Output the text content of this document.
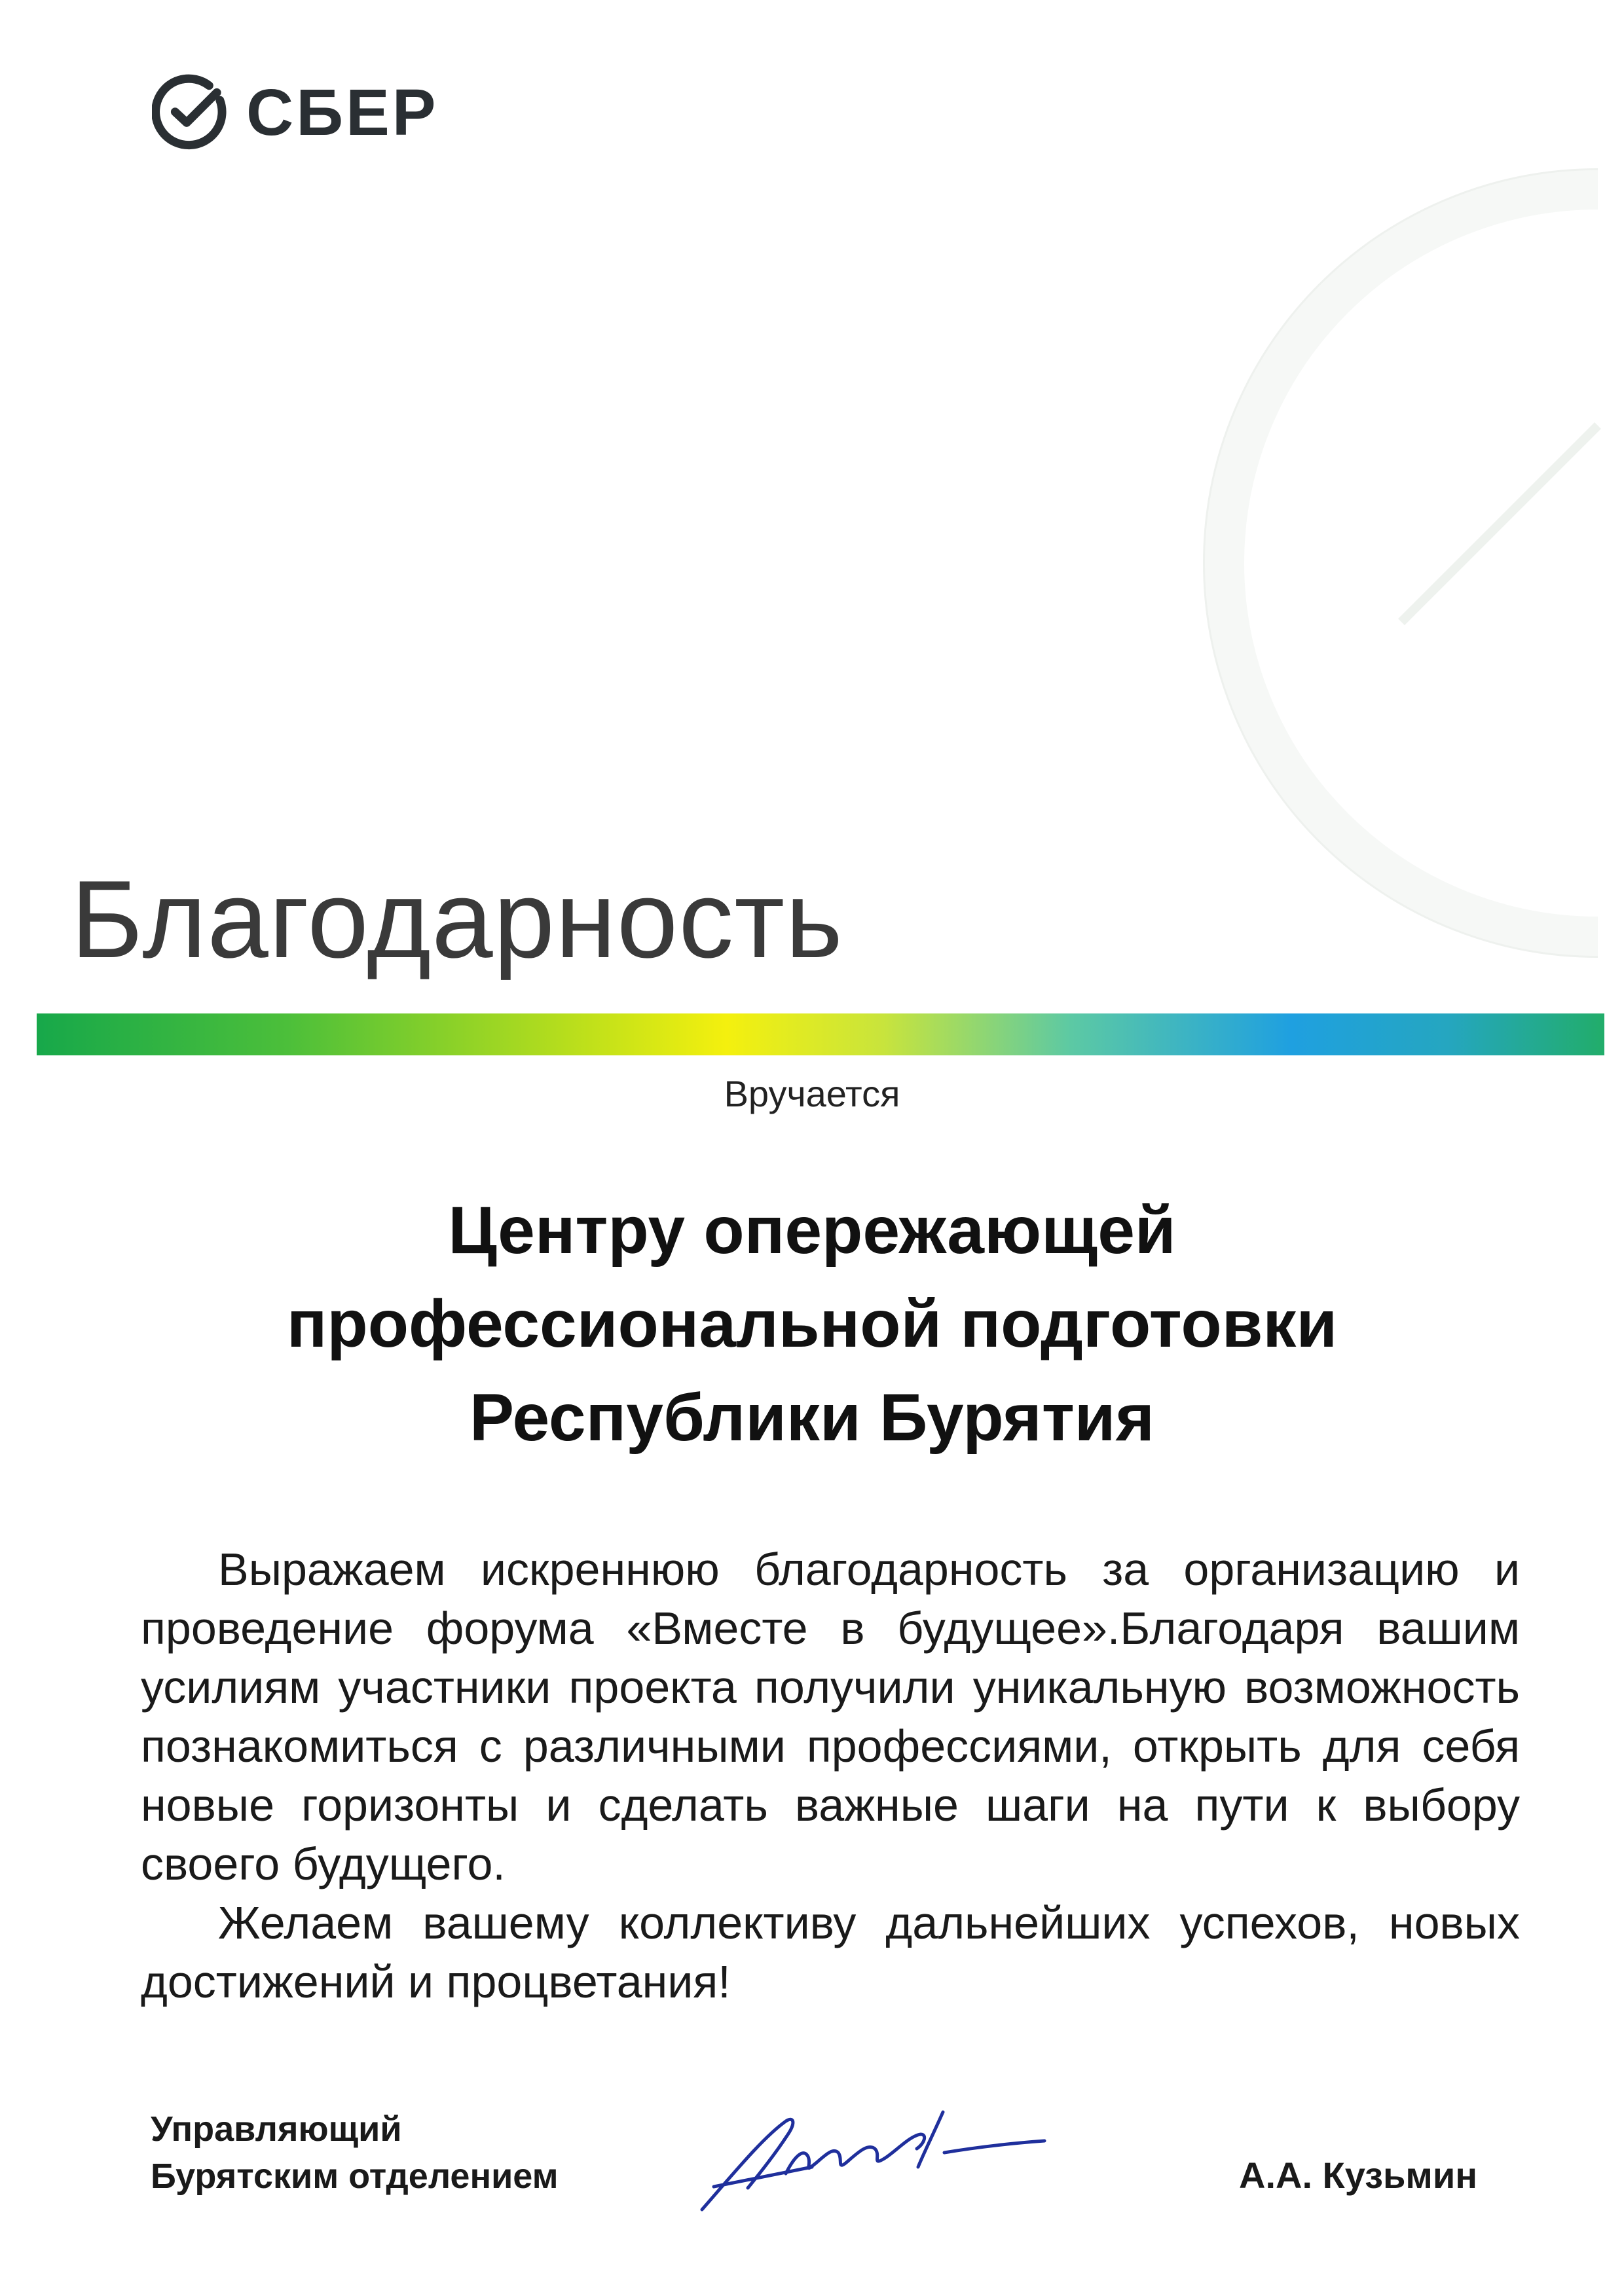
СБЕР
Благодарность
Вручается
Центру опережающей
профессиональной подготовки
Республики Бурятия

Выражаем искреннюю благодарность за организацию и проведение форума «Вместе в будущее».Благодаря вашим усилиям участники проекта получили уникальную возможность познакомиться с различными профессиями, открыть для себя новые горизонты и сделать важные шаги на пути к выбору своего будущего.

Желаем вашему коллективу дальнейших успехов, новых достижений и процветания!

Управляющий
Бурятским отделением	А.А. Кузьмин
